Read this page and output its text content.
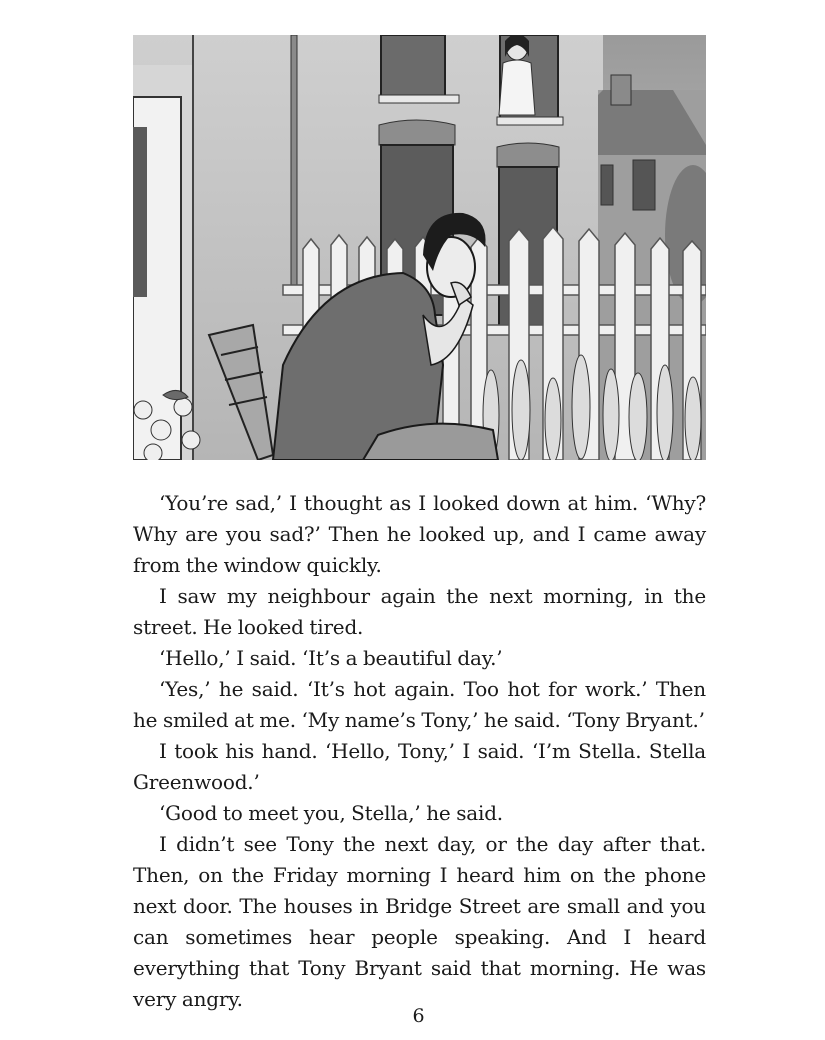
‘You’re sad,’ I thought as I looked down at him. ‘Why? Why are you sad?’ Then he looked up, and I came away from the window quickly.

I saw my neighbour again the next morning, in the street. He looked tired.

‘Hello,’ I said. ‘It’s a beautiful day.’

‘Yes,’ he said. ‘It’s hot again. Too hot for work.’ Then he smiled at me. ‘My name’s Tony,’ he said. ‘Tony Bryant.’

I took his hand. ‘Hello, Tony,’ I said. ‘I’m Stella. Stella Greenwood.’

‘Good to meet you, Stella,’ he said.

I didn’t see Tony the next day, or the day after that. Then, on the Friday morning I heard him on the phone next door. The houses in Bridge Street are small and you can sometimes hear people speaking. And I heard everything that Tony Bryant said that morning. He was very angry.

6
